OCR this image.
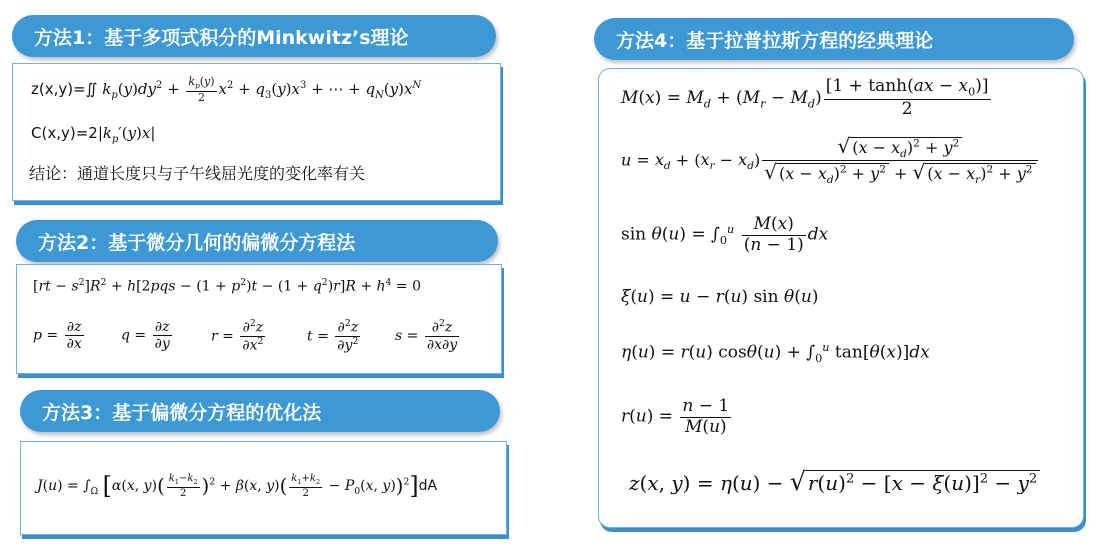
方法1：基于多项式积分的Minkwitz’s理论
z(x,y)=∬ $k_p(y)dy^2 + \frac{k_p(y)}{2} x^2 + q_3(y)x^3$ + ⋯ + $q_N(y)x^N$
$C(x,y)=2|k_p'(y)x|$
结论：通道长度只与子午线屈光度的变化率有关
方法2：基于微分几何的偏微分方程法
$[rt - s^2]R^2 + h[2pqs - (1 + p^2)t - (1 + q^2)r]R + h^4 = 0$
$p = \frac{\partial z}{\partial x}$	$q = \frac{\partial z}{\partial y}$	$r = \frac{\partial^2z}{\partial x^2}$	$t = \frac{\partial^2z}{\partial y^2}$ $s = \frac{\partial^2z}{\partial x\partial y}$
方法3：基于偏微分方程的优化法
$J(u) = \int_\Omega$ [α(x, $y)( \frac{k_1-k_2}{2} )^2 + \beta(x$, $y)( \frac{k_1+k_2}{2} - P_0(x$, y))$^2$]dA
方法4：基于拉普拉斯方程的经典理论
$M(x) = M_d + (M_r - M_d) \frac{[1 + \tanh(ax - x_0)]}{2}$
$u = x_d + (x_r - x_d) \frac{√ (x - x_d)^2 + y^2}{√ (x - x_d)^2 + y^2 + √ (x - x_r)^2 + y^2}$
$\sin \theta(u) = \int_0^u \frac{M(x)}{(n - 1)}$ dx
ξ(u) = u − r(u) sin θ(u)
η(u) = r(u) $\cos\theta(u) + \int_0^u$ tan[θ(x)]dx
$r(u) = \frac{n - 1}{M(u)}$
z(x, y) = η(u) − √ $r(u)^2 - [x - \xi(u)]^2 - y^2$
